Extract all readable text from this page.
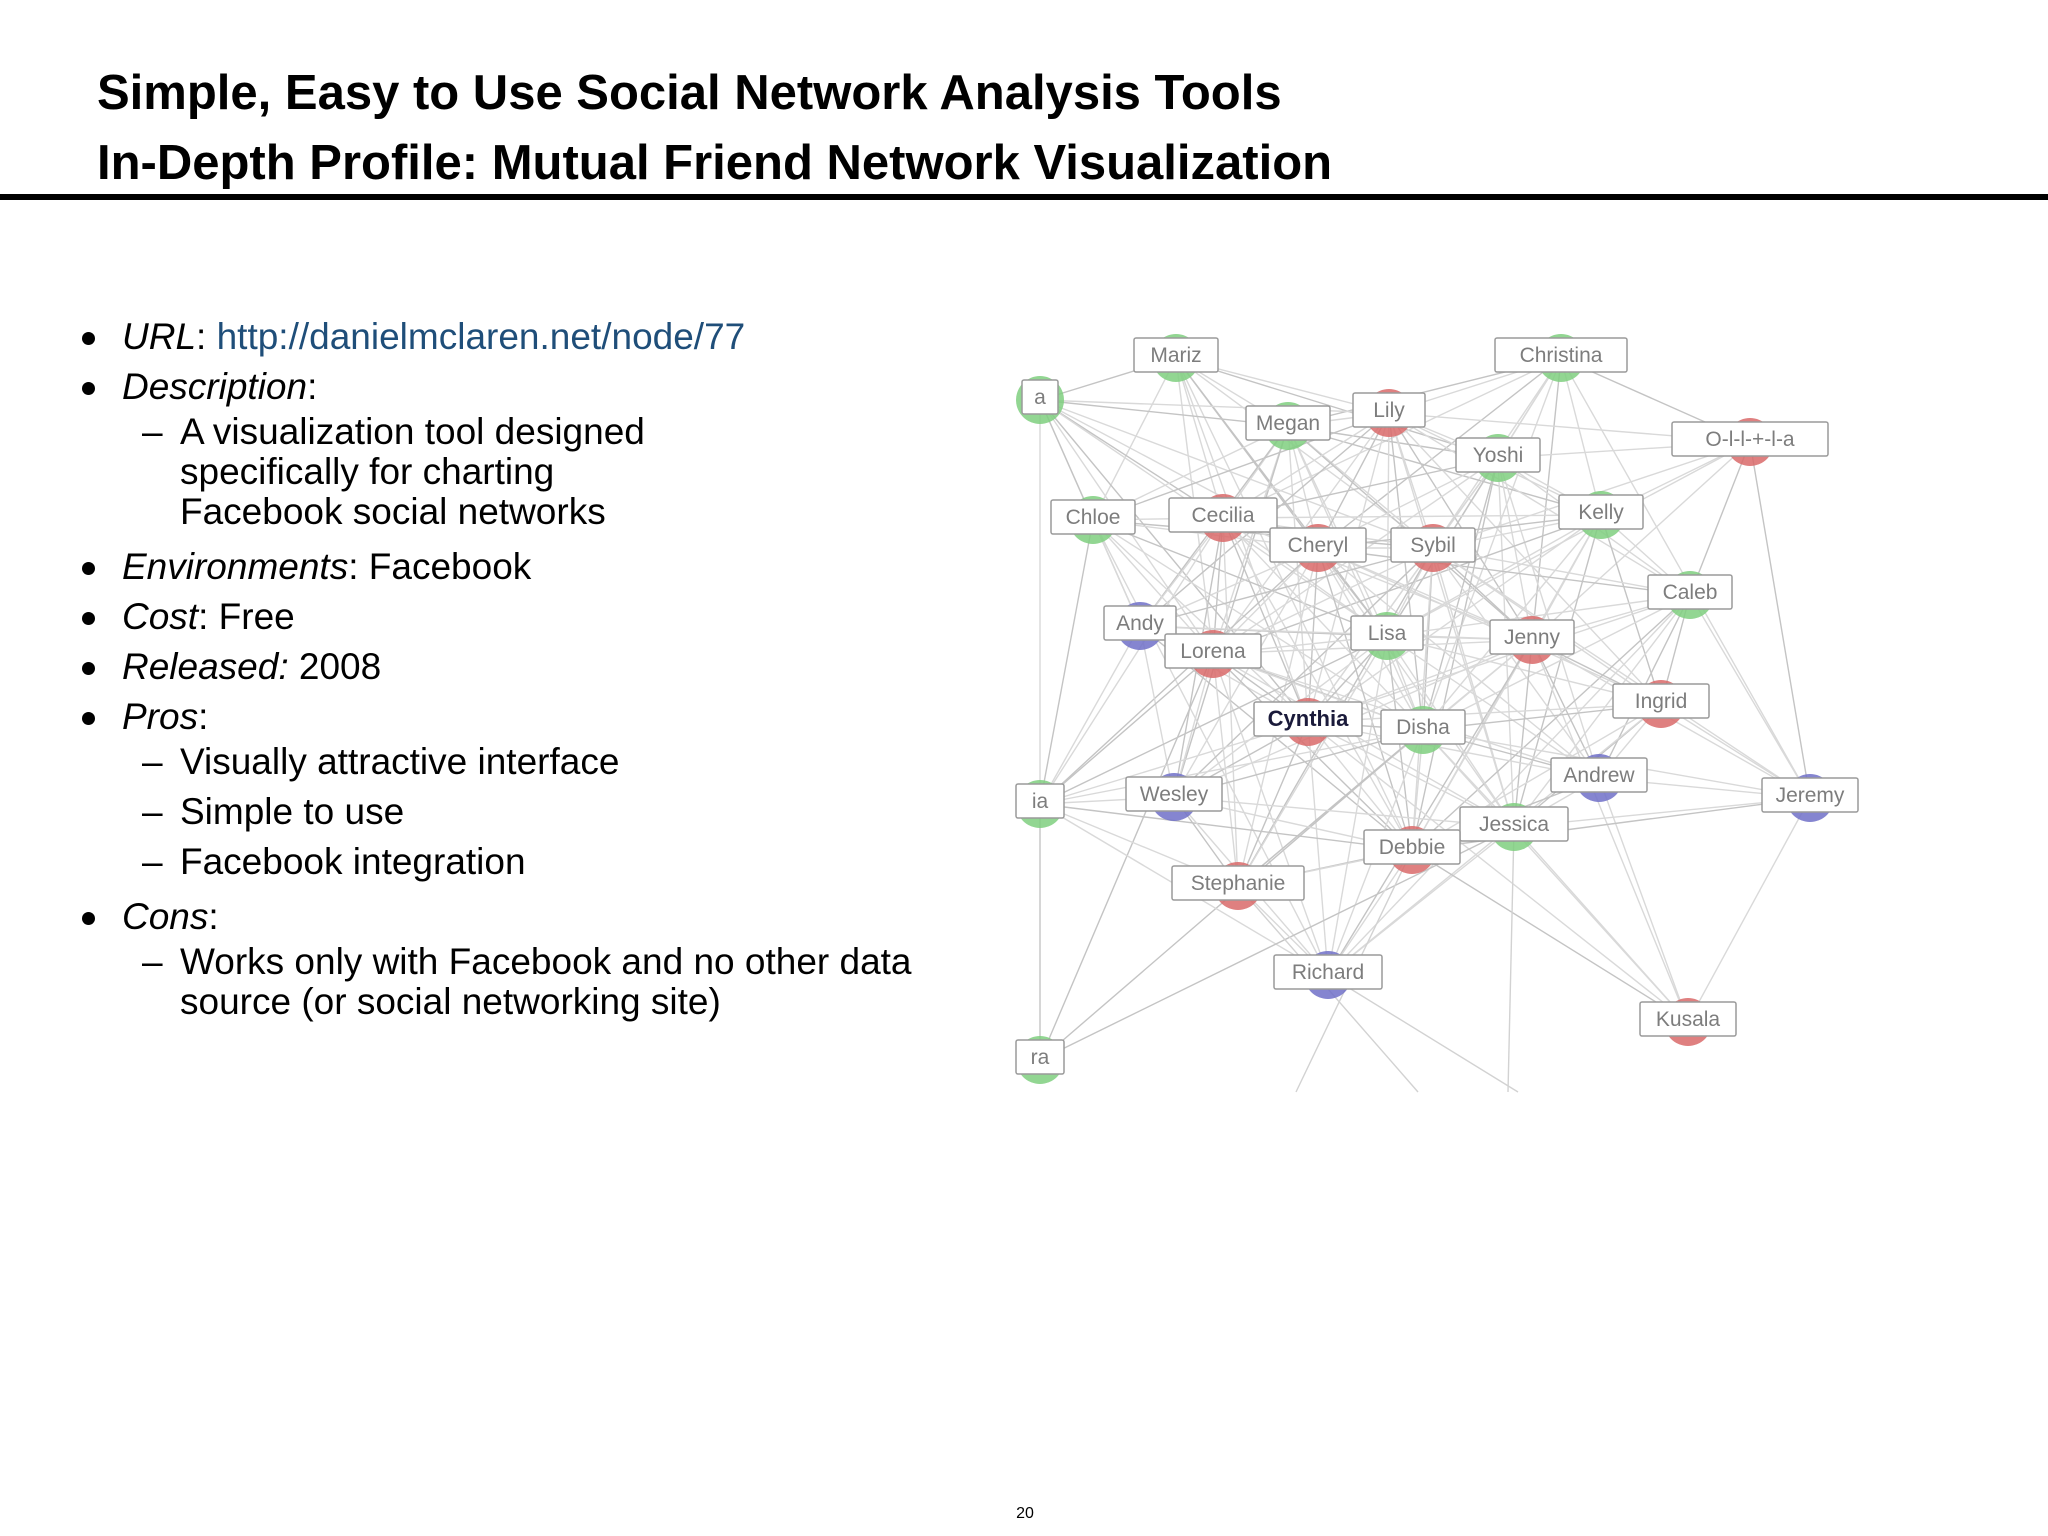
Simple, Easy to Use Social Network Analysis Tools
In-Depth Profile: Mutual Friend Network Visualization
URL: http://danielmclaren.net/node/77
Description:
– A visualization tool designed specifically for charting Facebook social networks
Environments: Facebook
Cost: Free
Released: 2008
Pros:
– Visually attractive interface
– Simple to use
– Facebook integration
Cons:
– Works only with Facebook and no other data source (or social networking site)
Mariz	Christina
a
Megan
Lily
Yoshi
O-l-l-+-l-a
Chloe	Cecilia	Kelly
Cheryl	Sybil
Caleb
Andy
Lorena
Lisa	Jenny
Ingrid
Cynthia Disha
Andrew
Jeremy
ia	Wesley
Jessica
Debbie
Stephanie
Richard
Kusala
ra
20
